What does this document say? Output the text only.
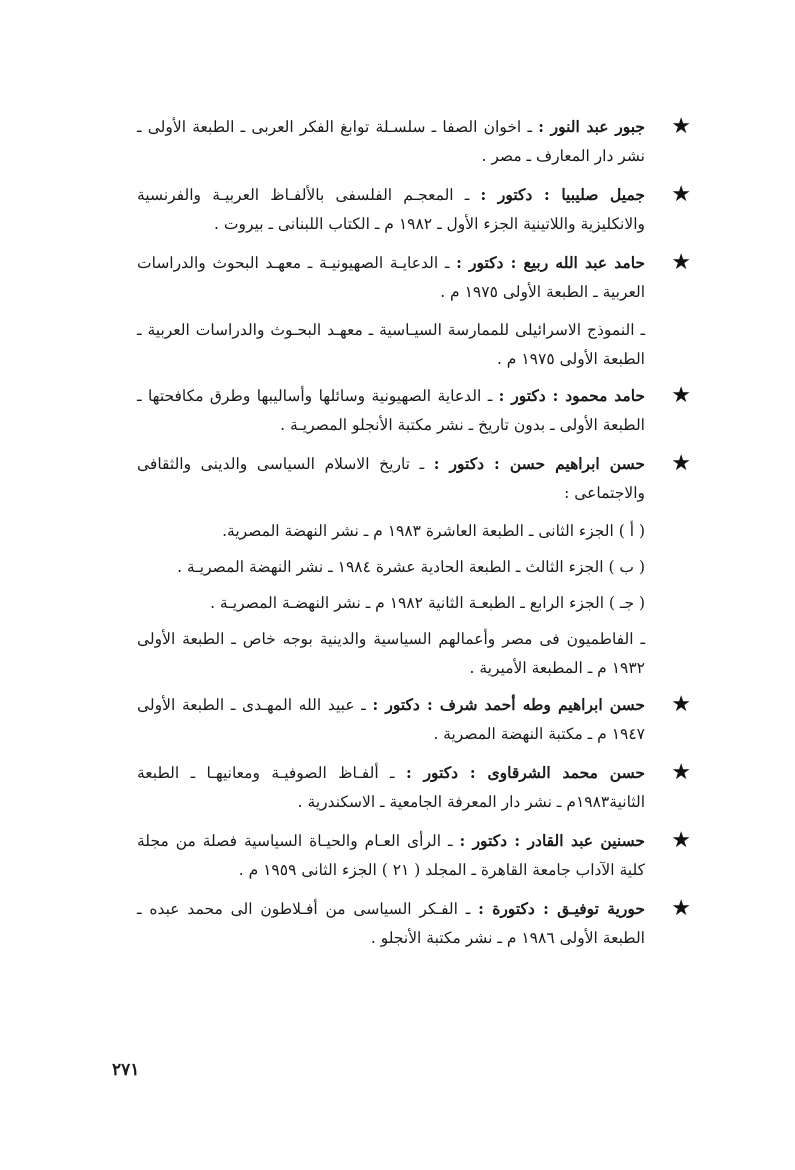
★
جبور عبد النور : ـ اخوان الصفا ـ سلسـلة توابغ الفكر العربى ـ الطبعة الأولى ـ نشر دار المعارف ـ مصر .
★
جميل صليبيا : دكتور : ـ المعجـم الفلسفى بالألفـاظ العربيـة والفرنسية والانكليزية واللاتينية الجزء الأول ـ ١٩٨٢ م ـ الكتاب اللبنانى ـ بيروت .
★
حامد عبد الله ربيع : دكتور : ـ الدعايـة الصهيونيـة ـ معهـد البحوث والدراسات العربية ـ الطبعة الأولى ١٩٧٥ م .
ـ النموذج الاسرائيلى للممارسة السيـاسية ـ معهـد البحـوث والدراسات العربية ـ الطبعة الأولى ١٩٧٥ م .
★
حامد محمود : دكتور : ـ الدعاية الصهيونية وسائلها وأساليبها وطرق مكافحتها ـ الطبعة الأولى ـ بدون تاريخ ـ نشر مكتبة الأنجلو المصريـة .
★
حسن ابراهيم حسن : دكتور : ـ تاريخ الاسلام السياسى والدينى والثقافى والاجتماعى :
( أ ) الجزء الثانى ـ الطبعة العاشرة ١٩٨٣ م ـ نشر النهضة المصرية.
( ب ) الجزء الثالث ـ الطبعة الحادية عشرة ١٩٨٤ ـ نشر النهضة المصريـة .
( جـ ) الجزء الرابع ـ الطبعـة الثانية ١٩٨٢ م ـ نشر النهضـة المصريـة .
ـ الفاطميون فى مصر وأعمالهم السياسية والدينية بوجه خاص ـ الطبعة الأولى ١٩٣٢ م ـ المطبعة الأميرية .
★
حسن ابراهيم وطه أحمد شرف : دكتور : ـ عبيد الله المهـدى ـ الطبعة الأولى ١٩٤٧ م ـ مكتبة النهضة المصرية .
★
حسن محمد الشرقاوى : دكتور : ـ ألفـاظ الصوفيـة ومعانيهـا ـ الطبعة الثانية١٩٨٣م ـ نشر دار المعرفة الجامعية ـ الاسكندرية .
★
حسنين عبد القادر : دكتور : ـ الرأى العـام والحيـاة السياسية فصلة من مجلة كلية الآداب جامعة القاهرة ـ المجلد ( ٢١ ) الجزء الثانى ١٩٥٩ م .
★
حورية توفيـق : دكتورة : ـ الفـكر السياسى من أفـلاطون الى محمد عبده ـ الطبعة الأولى ١٩٨٦ م ـ نشر مكتبة الأنجلو .
٢٧١
